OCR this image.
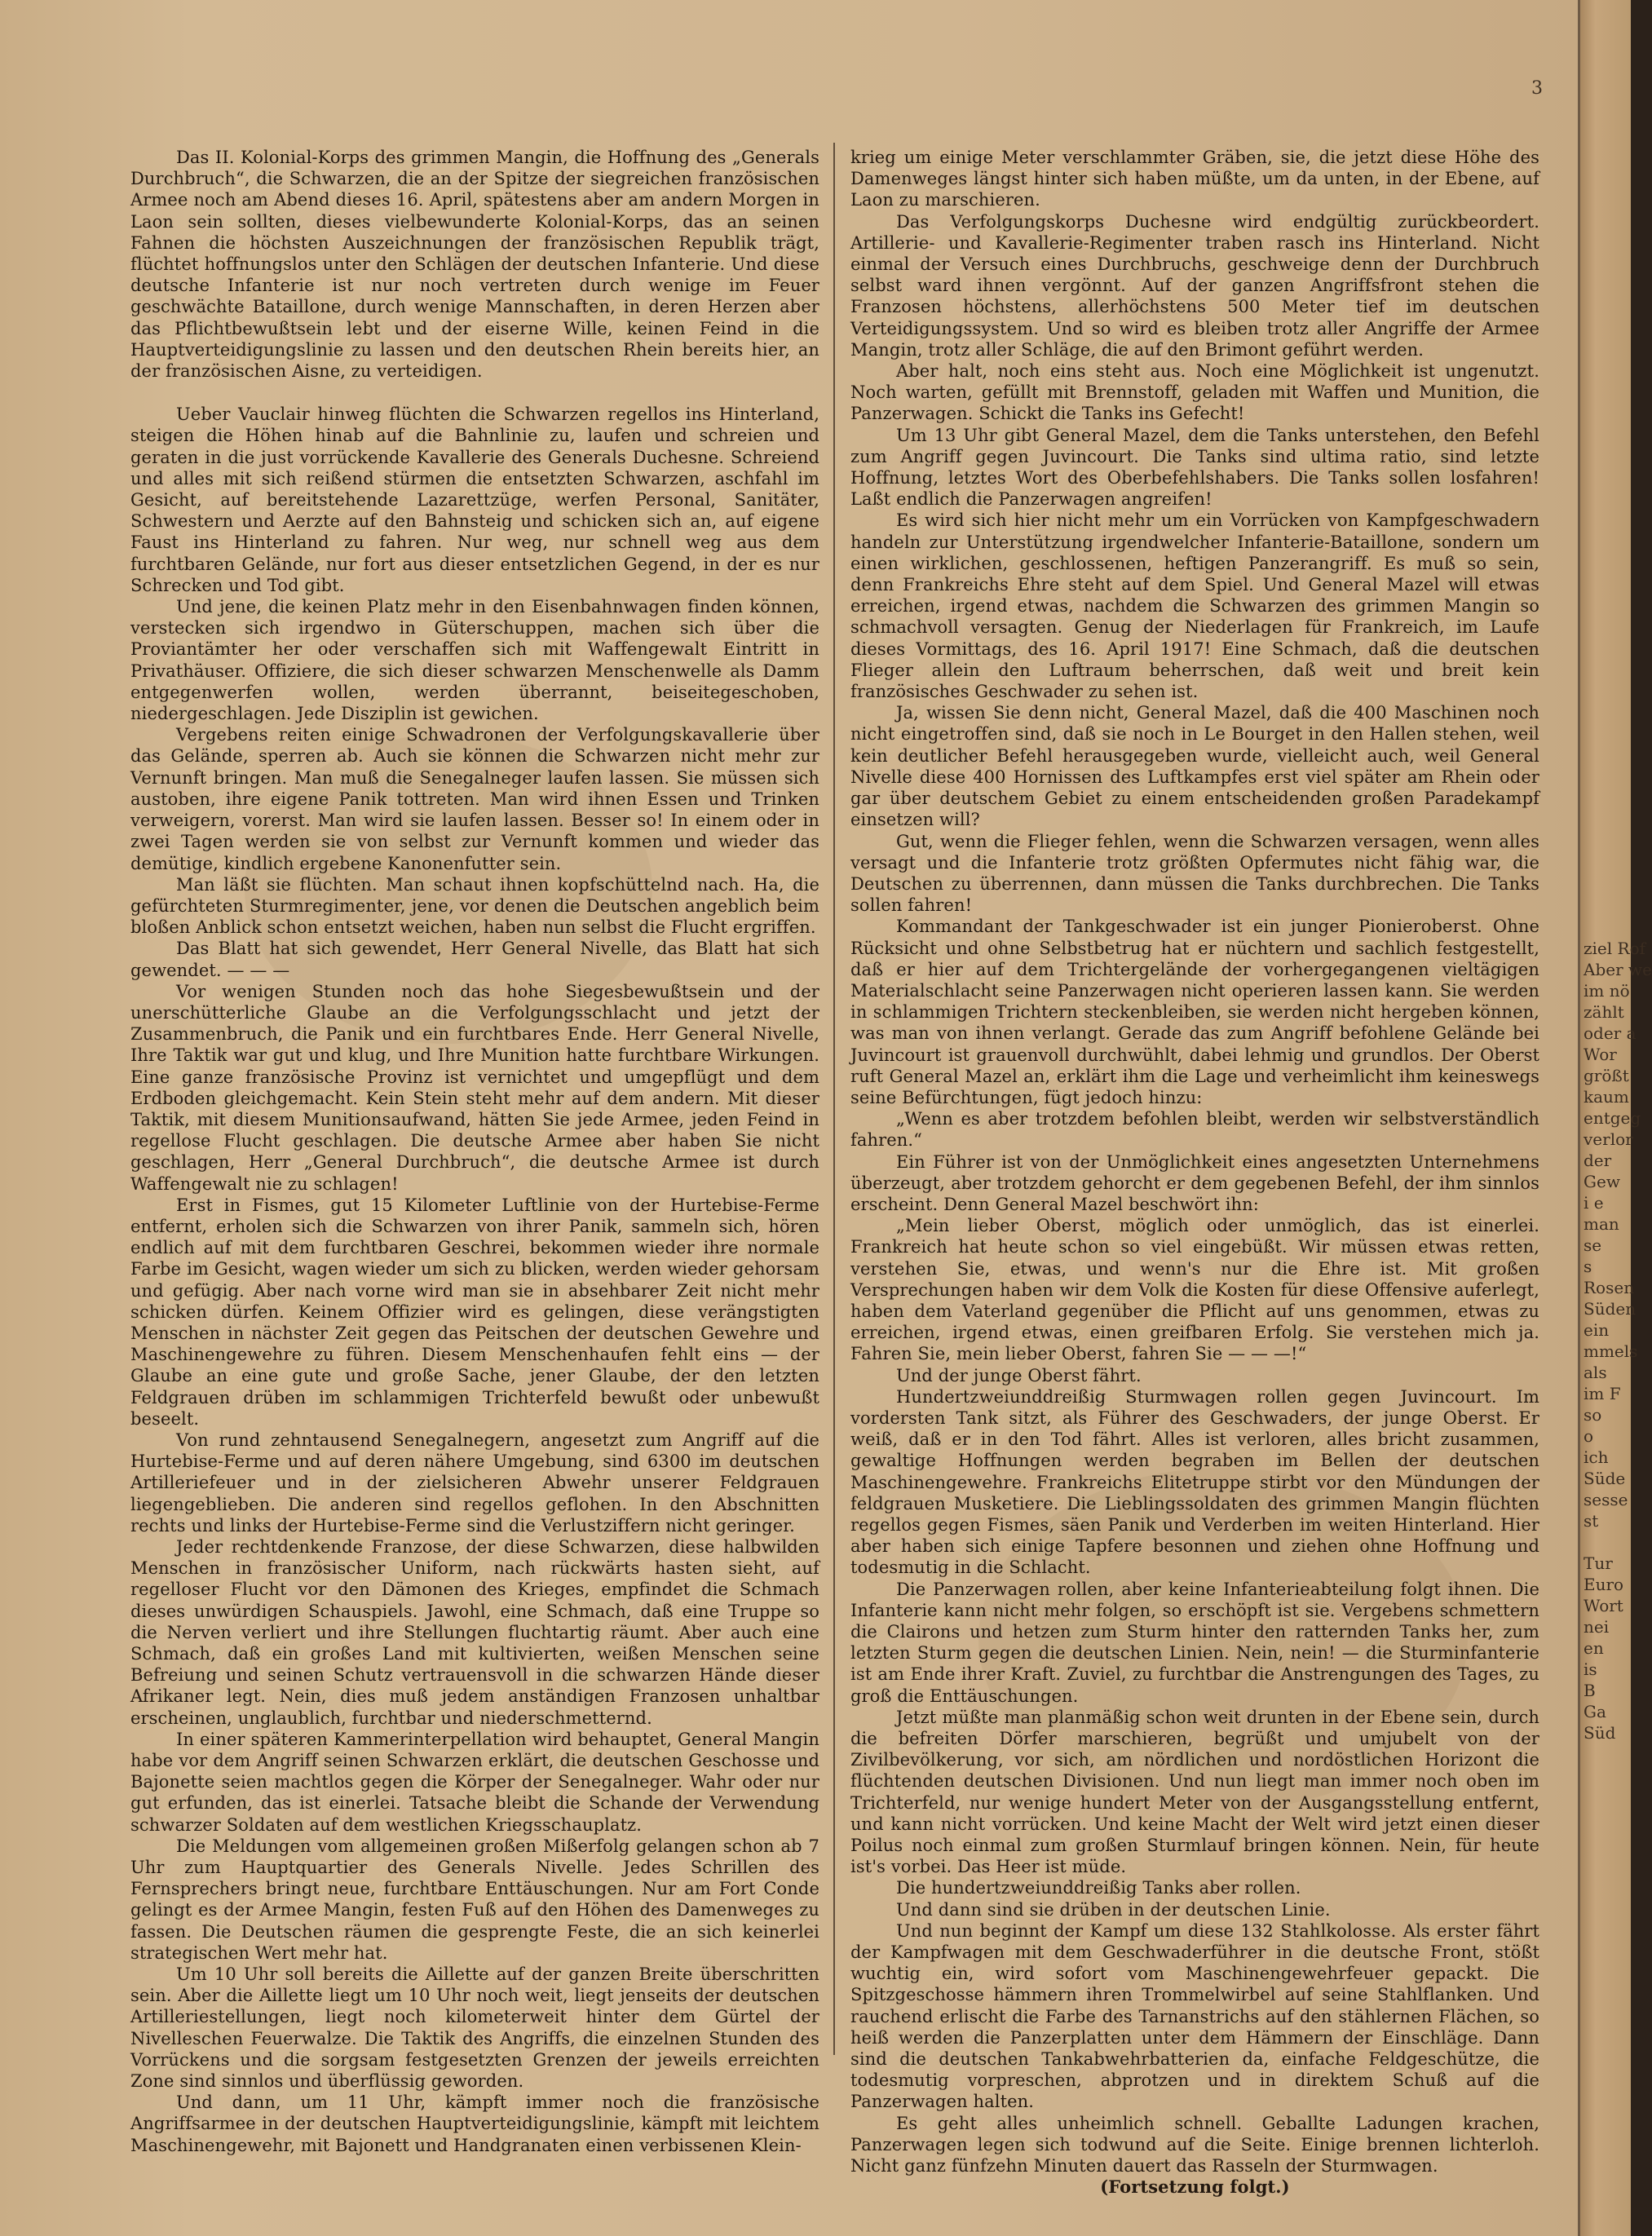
3

Das II. Kolonial-Korps des grimmen Mangin, die Hoffnung des „Generals Durchbruch“, die Schwarzen, die an der Spitze der siegreichen französischen Armee noch am Abend dieses 16. April, spätestens aber am andern Morgen in Laon sein sollten, dieses vielbewunderte Kolonial-Korps, das an seinen Fahnen die höchsten Auszeichnungen der französischen Republik trägt, flüchtet hoffnungslos unter den Schlägen der deutschen Infanterie. Und diese deutsche Infanterie ist nur noch vertreten durch wenige im Feuer geschwächte Bataillone, durch wenige Mannschaften, in deren Herzen aber das Pflichtbewußtsein lebt und der eiserne Wille, keinen Feind in die Hauptverteidigungslinie zu lassen und den deutschen Rhein bereits hier, an der französischen Aisne, zu verteidigen.

Ueber Vauclair hinweg flüchten die Schwarzen regellos ins Hinterland, steigen die Höhen hinab auf die Bahnlinie zu, laufen und schreien und geraten in die just vorrückende Kavallerie des Generals Duchesne. Schreiend und alles mit sich reißend stürmen die entsetzten Schwarzen, aschfahl im Gesicht, auf bereitstehende Lazarettzüge, werfen Personal, Sanitäter, Schwestern und Aerzte auf den Bahnsteig und schicken sich an, auf eigene Faust ins Hinterland zu fahren. Nur weg, nur schnell weg aus dem furchtbaren Gelände, nur fort aus dieser entsetzlichen Gegend, in der es nur Schrecken und Tod gibt.

Und jene, die keinen Platz mehr in den Eisenbahnwagen finden können, verstecken sich irgendwo in Güterschuppen, machen sich über die Proviantämter her oder verschaffen sich mit Waffengewalt Eintritt in Privathäuser. Offiziere, die sich dieser schwarzen Menschenwelle als Damm entgegenwerfen wollen, werden überrannt, beiseitegeschoben, niedergeschlagen. Jede Disziplin ist gewichen.

Vergebens reiten einige Schwadronen der Verfolgungskavallerie über das Gelände, sperren ab. Auch sie können die Schwarzen nicht mehr zur Vernunft bringen. Man muß die Senegalneger laufen lassen. Sie müssen sich austoben, ihre eigene Panik tottreten. Man wird ihnen Essen und Trinken verweigern, vorerst. Man wird sie laufen lassen. Besser so! In einem oder in zwei Tagen werden sie von selbst zur Vernunft kommen und wieder das demütige, kindlich ergebene Kanonenfutter sein.

Man läßt sie flüchten. Man schaut ihnen kopfschüttelnd nach. Ha, die gefürchteten Sturmregimenter, jene, vor denen die Deutschen angeblich beim bloßen Anblick schon entsetzt weichen, haben nun selbst die Flucht ergriffen.

Das Blatt hat sich gewendet, Herr General Nivelle, das Blatt hat sich gewendet. — — —

Vor wenigen Stunden noch das hohe Siegesbewußtsein und der unerschütterliche Glaube an die Verfolgungsschlacht und jetzt der Zusammenbruch, die Panik und ein furchtbares Ende. Herr General Nivelle, Ihre Taktik war gut und klug, und Ihre Munition hatte furchtbare Wirkungen. Eine ganze französische Provinz ist vernichtet und umgepflügt und dem Erdboden gleichgemacht. Kein Stein steht mehr auf dem andern. Mit dieser Taktik, mit diesem Munitionsaufwand, hätten Sie jede Armee, jeden Feind in regellose Flucht geschlagen. Die deutsche Armee aber haben Sie nicht geschlagen, Herr „General Durchbruch“, die deutsche Armee ist durch Waffengewalt nie zu schlagen!

Erst in Fismes, gut 15 Kilometer Luftlinie von der Hurtebise-Ferme entfernt, erholen sich die Schwarzen von ihrer Panik, sammeln sich, hören endlich auf mit dem furchtbaren Geschrei, bekommen wieder ihre normale Farbe im Gesicht, wagen wieder um sich zu blicken, werden wieder gehorsam und gefügig. Aber nach vorne wird man sie in absehbarer Zeit nicht mehr schicken dürfen. Keinem Offizier wird es gelingen, diese verängstigten Menschen in nächster Zeit gegen das Peitschen der deutschen Gewehre und Maschinengewehre zu führen. Diesem Menschenhaufen fehlt eins — der Glaube an eine gute und große Sache, jener Glaube, der den letzten Feldgrauen drüben im schlammigen Trichterfeld bewußt oder unbewußt beseelt.

Von rund zehntausend Senegalnegern, angesetzt zum Angriff auf die Hurtebise-Ferme und auf deren nähere Umgebung, sind 6300 im deutschen Artilleriefeuer und in der zielsicheren Abwehr unserer Feldgrauen liegengeblieben. Die anderen sind regellos geflohen. In den Abschnitten rechts und links der Hurtebise-Ferme sind die Verlustziffern nicht geringer.

Jeder rechtdenkende Franzose, der diese Schwarzen, diese halbwilden Menschen in französischer Uniform, nach rückwärts hasten sieht, auf regelloser Flucht vor den Dämonen des Krieges, empfindet die Schmach dieses unwürdigen Schauspiels. Jawohl, eine Schmach, daß eine Truppe so die Nerven verliert und ihre Stellungen fluchtartig räumt. Aber auch eine Schmach, daß ein großes Land mit kultivierten, weißen Menschen seine Befreiung und seinen Schutz vertrauensvoll in die schwarzen Hände dieser Afrikaner legt. Nein, dies muß jedem anständigen Franzosen unhaltbar erscheinen, unglaublich, furchtbar und niederschmetternd.

In einer späteren Kammerinterpellation wird behauptet, General Mangin habe vor dem Angriff seinen Schwarzen erklärt, die deutschen Geschosse und Bajonette seien machtlos gegen die Körper der Senegalneger. Wahr oder nur gut erfunden, das ist einerlei. Tatsache bleibt die Schande der Verwendung schwarzer Soldaten auf dem westlichen Kriegsschauplatz.

Die Meldungen vom allgemeinen großen Mißerfolg gelangen schon ab 7 Uhr zum Hauptquartier des Generals Nivelle. Jedes Schrillen des Fernsprechers bringt neue, furchtbare Enttäuschungen. Nur am Fort Conde gelingt es der Armee Mangin, festen Fuß auf den Höhen des Damenweges zu fassen. Die Deutschen räumen die gesprengte Feste, die an sich keinerlei strategischen Wert mehr hat.

Um 10 Uhr soll bereits die Aillette auf der ganzen Breite überschritten sein. Aber die Aillette liegt um 10 Uhr noch weit, liegt jenseits der deutschen Artilleriestellungen, liegt noch kilometerweit hinter dem Gürtel der Nivelleschen Feuerwalze. Die Taktik des Angriffs, die einzelnen Stunden des Vorrückens und die sorgsam festgesetzten Grenzen der jeweils erreichten Zone sind sinnlos und überflüssig geworden.

Und dann, um 11 Uhr, kämpft immer noch die französische Angriffsarmee in der deutschen Hauptverteidigungslinie, kämpft mit leichtem Maschinengewehr, mit Bajonett und Handgranaten einen verbissenen Klein-

krieg um einige Meter verschlammter Gräben, sie, die jetzt diese Höhe des Damenweges längst hinter sich haben müßte, um da unten, in der Ebene, auf Laon zu marschieren.

Das Verfolgungskorps Duchesne wird endgültig zurückbeordert. Artillerie- und Kavallerie-Regimenter traben rasch ins Hinterland. Nicht einmal der Versuch eines Durchbruchs, geschweige denn der Durchbruch selbst ward ihnen vergönnt. Auf der ganzen Angriffsfront stehen die Franzosen höchstens, allerhöchstens 500 Meter tief im deutschen Verteidigungssystem. Und so wird es bleiben trotz aller Angriffe der Armee Mangin, trotz aller Schläge, die auf den Brimont geführt werden.

Aber halt, noch eins steht aus. Noch eine Möglichkeit ist ungenutzt. Noch warten, gefüllt mit Brennstoff, geladen mit Waffen und Munition, die Panzerwagen. Schickt die Tanks ins Gefecht!

Um 13 Uhr gibt General Mazel, dem die Tanks unterstehen, den Befehl zum Angriff gegen Juvincourt. Die Tanks sind ultima ratio, sind letzte Hoffnung, letztes Wort des Oberbefehlshabers. Die Tanks sollen losfahren! Laßt endlich die Panzerwagen angreifen!

Es wird sich hier nicht mehr um ein Vorrücken von Kampfgeschwadern handeln zur Unterstützung irgendwelcher Infanterie-Bataillone, sondern um einen wirklichen, geschlossenen, heftigen Panzerangriff. Es muß so sein, denn Frankreichs Ehre steht auf dem Spiel. Und General Mazel will etwas erreichen, irgend etwas, nachdem die Schwarzen des grimmen Mangin so schmachvoll versagten. Genug der Niederlagen für Frankreich, im Laufe dieses Vormittags, des 16. April 1917! Eine Schmach, daß die deutschen Flieger allein den Luftraum beherrschen, daß weit und breit kein französisches Geschwader zu sehen ist.

Ja, wissen Sie denn nicht, General Mazel, daß die 400 Maschinen noch nicht eingetroffen sind, daß sie noch in Le Bourget in den Hallen stehen, weil kein deutlicher Befehl herausgegeben wurde, vielleicht auch, weil General Nivelle diese 400 Hornissen des Luftkampfes erst viel später am Rhein oder gar über deutschem Gebiet zu einem entscheidenden großen Paradekampf einsetzen will?

Gut, wenn die Flieger fehlen, wenn die Schwarzen versagen, wenn alles versagt und die Infanterie trotz größten Opfermutes nicht fähig war, die Deutschen zu überrennen, dann müssen die Tanks durchbrechen. Die Tanks sollen fahren!

Kommandant der Tankgeschwader ist ein junger Pionieroberst. Ohne Rücksicht und ohne Selbstbetrug hat er nüchtern und sachlich festgestellt, daß er hier auf dem Trichtergelände der vorhergegangenen vieltägigen Materialschlacht seine Panzerwagen nicht operieren lassen kann. Sie werden in schlammigen Trichtern steckenbleiben, sie werden nicht hergeben können, was man von ihnen verlangt. Gerade das zum Angriff befohlene Gelände bei Juvincourt ist grauenvoll durchwühlt, dabei lehmig und grundlos. Der Oberst ruft General Mazel an, erklärt ihm die Lage und verheimlicht ihm keineswegs seine Befürchtungen, fügt jedoch hinzu:

„Wenn es aber trotzdem befohlen bleibt, werden wir selbstverständlich fahren.“

Ein Führer ist von der Unmöglichkeit eines angesetzten Unternehmens überzeugt, aber trotzdem gehorcht er dem gegebenen Befehl, der ihm sinnlos erscheint. Denn General Mazel beschwört ihn:

„Mein lieber Oberst, möglich oder unmöglich, das ist einerlei. Frankreich hat heute schon so viel eingebüßt. Wir müssen etwas retten, verstehen Sie, etwas, und wenn's nur die Ehre ist. Mit großen Versprechungen haben wir dem Volk die Kosten für diese Offensive auferlegt, haben dem Vaterland gegenüber die Pflicht auf uns genommen, etwas zu erreichen, irgend etwas, einen greifbaren Erfolg. Sie verstehen mich ja. Fahren Sie, mein lieber Oberst, fahren Sie — — —!“

Und der junge Oberst fährt.

Hundertzweiunddreißig Sturmwagen rollen gegen Juvincourt. Im vordersten Tank sitzt, als Führer des Geschwaders, der junge Oberst. Er weiß, daß er in den Tod fährt. Alles ist verloren, alles bricht zusammen, gewaltige Hoffnungen werden begraben im Bellen der deutschen Maschinengewehre. Frankreichs Elitetruppe stirbt vor den Mündungen der feldgrauen Musketiere. Die Lieblingssoldaten des grimmen Mangin flüchten regellos gegen Fismes, säen Panik und Verderben im weiten Hinterland. Hier aber haben sich einige Tapfere besonnen und ziehen ohne Hoffnung und todesmutig in die Schlacht.

Die Panzerwagen rollen, aber keine Infanterieabteilung folgt ihnen. Die Infanterie kann nicht mehr folgen, so erschöpft ist sie. Vergebens schmettern die Clairons und hetzen zum Sturm hinter den ratternden Tanks her, zum letzten Sturm gegen die deutschen Linien. Nein, nein! — die Sturminfanterie ist am Ende ihrer Kraft. Zuviel, zu furchtbar die Anstrengungen des Tages, zu groß die Enttäuschungen.

Jetzt müßte man planmäßig schon weit drunten in der Ebene sein, durch die befreiten Dörfer marschieren, begrüßt und umjubelt von der Zivilbevölkerung, vor sich, am nördlichen und nordöstlichen Horizont die flüchtenden deutschen Divisionen. Und nun liegt man immer noch oben im Trichterfeld, nur wenige hundert Meter von der Ausgangsstellung entfernt, und kann nicht vorrücken. Und keine Macht der Welt wird jetzt einen dieser Poilus noch einmal zum großen Sturmlauf bringen können. Nein, für heute ist's vorbei. Das Heer ist müde.

Die hundertzweiunddreißig Tanks aber rollen.

Und dann sind sie drüben in der deutschen Linie.

Und nun beginnt der Kampf um diese 132 Stahlkolosse. Als erster fährt der Kampfwagen mit dem Geschwaderführer in die deutsche Front, stößt wuchtig ein, wird sofort vom Maschinengewehrfeuer gepackt. Die Spitzgeschosse hämmern ihren Trommelwirbel auf seine Stahlflanken. Und rauchend erlischt die Farbe des Tarnanstrichs auf den stählernen Flächen, so heiß werden die Panzerplatten unter dem Hämmern der Einschläge. Dann sind die deutschen Tankabwehrbatterien da, einfache Feldgeschütze, die todesmutig vorpreschen, abprotzen und in direktem Schuß auf die Panzerwagen halten.

Es geht alles unheimlich schnell. Geballte Ladungen krachen, Panzerwagen legen sich todwund auf die Seite. Einige brennen lichterloh. Nicht ganz fünfzehn Minuten dauert das Rasseln der Sturmwagen.

(Fortsetzung folgt.)

ziel Rof
Aber we
im nö
zählt
oder a
Wor
größt
kaum
entgeg
verlor
der
Gew
i e
man
se
s
Rosen
Süden
ein
mmels
als
im F
so
o
ich
Süde
sesse
st
Tur
Euro
Wort
nei
en
is
B
Ga
Süd
